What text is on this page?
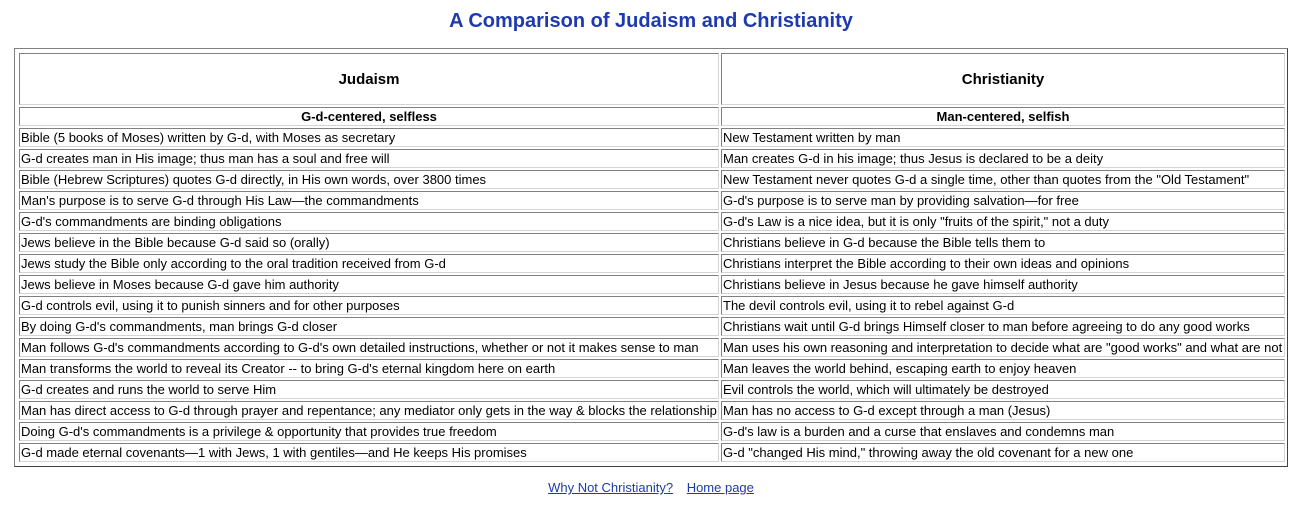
A Comparison of Judaism and Christianity
Judaism	Christianity
G-d-centered, selfless	Man-centered, selfish
Bible (5 books of Moses) written by G-d, with Moses as secretary	New Testament written by man
G-d creates man in His image; thus man has a soul and free will	Man creates G-d in his image; thus Jesus is declared to be a deity
Bible (Hebrew Scriptures) quotes G-d directly, in His own words, over 3800 times	New Testament never quotes G-d a single time, other than quotes from the "Old Testament"
Man's purpose is to serve G-d through His Law—the commandments	G-d's purpose is to serve man by providing salvation—for free
G-d's commandments are binding obligations	G-d's Law is a nice idea, but it is only "fruits of the spirit," not a duty
Jews believe in the Bible because G-d said so (orally)	Christians believe in G-d because the Bible tells them to
Jews study the Bible only according to the oral tradition received from G-d	Christians interpret the Bible according to their own ideas and opinions
Jews believe in Moses because G-d gave him authority	Christians believe in Jesus because he gave himself authority
G-d controls evil, using it to punish sinners and for other purposes	The devil controls evil, using it to rebel against G-d
By doing G-d's commandments, man brings G-d closer	Christians wait until G-d brings Himself closer to man before agreeing to do any good works
Man follows G-d's commandments according to G-d's own detailed instructions, whether or not it makes sense to man	Man uses his own reasoning and interpretation to decide what are "good works" and what are not
Man transforms the world to reveal its Creator -- to bring G-d's eternal kingdom here on earth	Man leaves the world behind, escaping earth to enjoy heaven
G-d creates and runs the world to serve Him	Evil controls the world, which will ultimately be destroyed
Man has direct access to G-d through prayer and repentance; any mediator only gets in the way & blocks the relationship	Man has no access to G-d except through a man (Jesus)
Doing G-d's commandments is a privilege & opportunity that provides true freedom	G-d's law is a burden and a curse that enslaves and condemns man
G-d made eternal covenants—1 with Jews, 1 with gentiles—and He keeps His promises	G-d "changed His mind," throwing away the old covenant for a new one
Why Not Christianity? Home page
